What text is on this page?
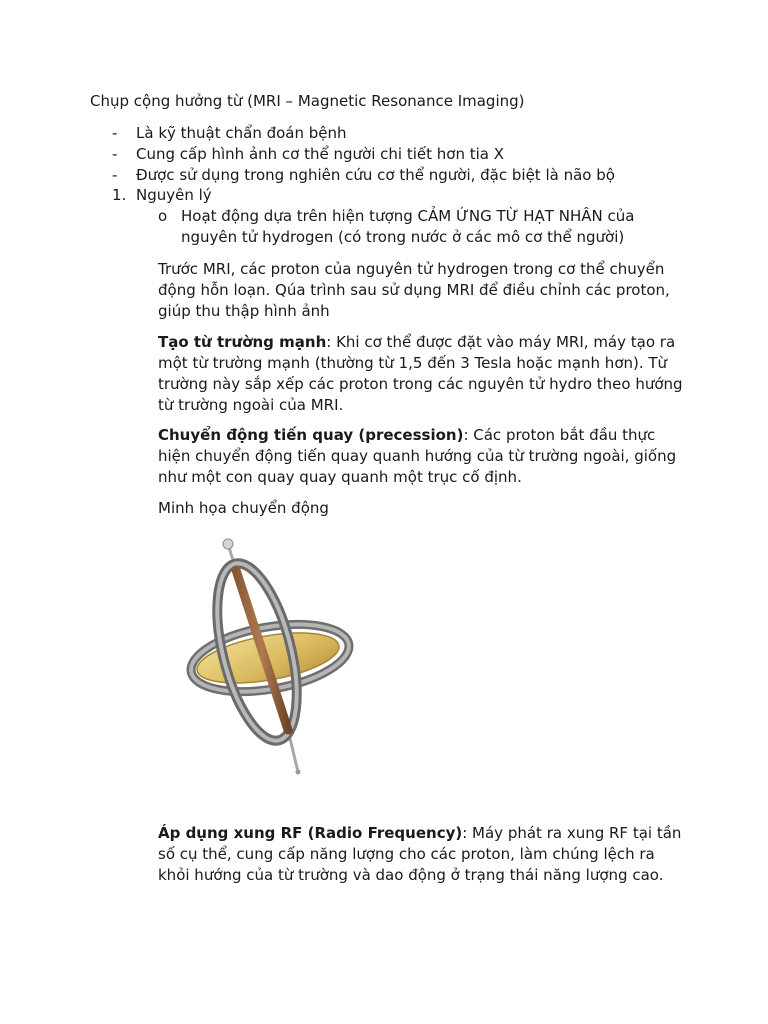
Chụp cộng hưởng từ (MRI – Magnetic Resonance Imaging)
- Là kỹ thuật chẩn đoán bệnh
- Cung cấp hình ảnh cơ thể người chi tiết hơn tia X
- Được sử dụng trong nghiên cứu cơ thể người, đặc biệt là não bộ
1. Nguyên lý
o Hoạt động dựa trên hiện tượng CẢM ỨNG TỪ HẠT NHÂN của nguyên tử hydrogen (có trong nước ở các mô cơ thể người)
Trước MRI, các proton của nguyên tử hydrogen trong cơ thể chuyển động hỗn loạn. Qúa trình sau sử dụng MRI để điều chỉnh các proton, giúp thu thập hình ảnh
Tạo từ trường mạnh: Khi cơ thể được đặt vào máy MRI, máy tạo ra một từ trường mạnh (thường từ 1,5 đến 3 Tesla hoặc mạnh hơn). Từ trường này sắp xếp các proton trong các nguyên tử hydro theo hướng từ trường ngoài của MRI.
Chuyển động tiến quay (precession): Các proton bắt đầu thực hiện chuyển động tiến quay quanh hướng của từ trường ngoài, giống như một con quay quay quanh một trục cố định.
Minh họa chuyển động
Áp dụng xung RF (Radio Frequency): Máy phát ra xung RF tại tần số cụ thể, cung cấp năng lượng cho các proton, làm chúng lệch ra khỏi hướng của từ trường và dao động ở trạng thái năng lượng cao.
